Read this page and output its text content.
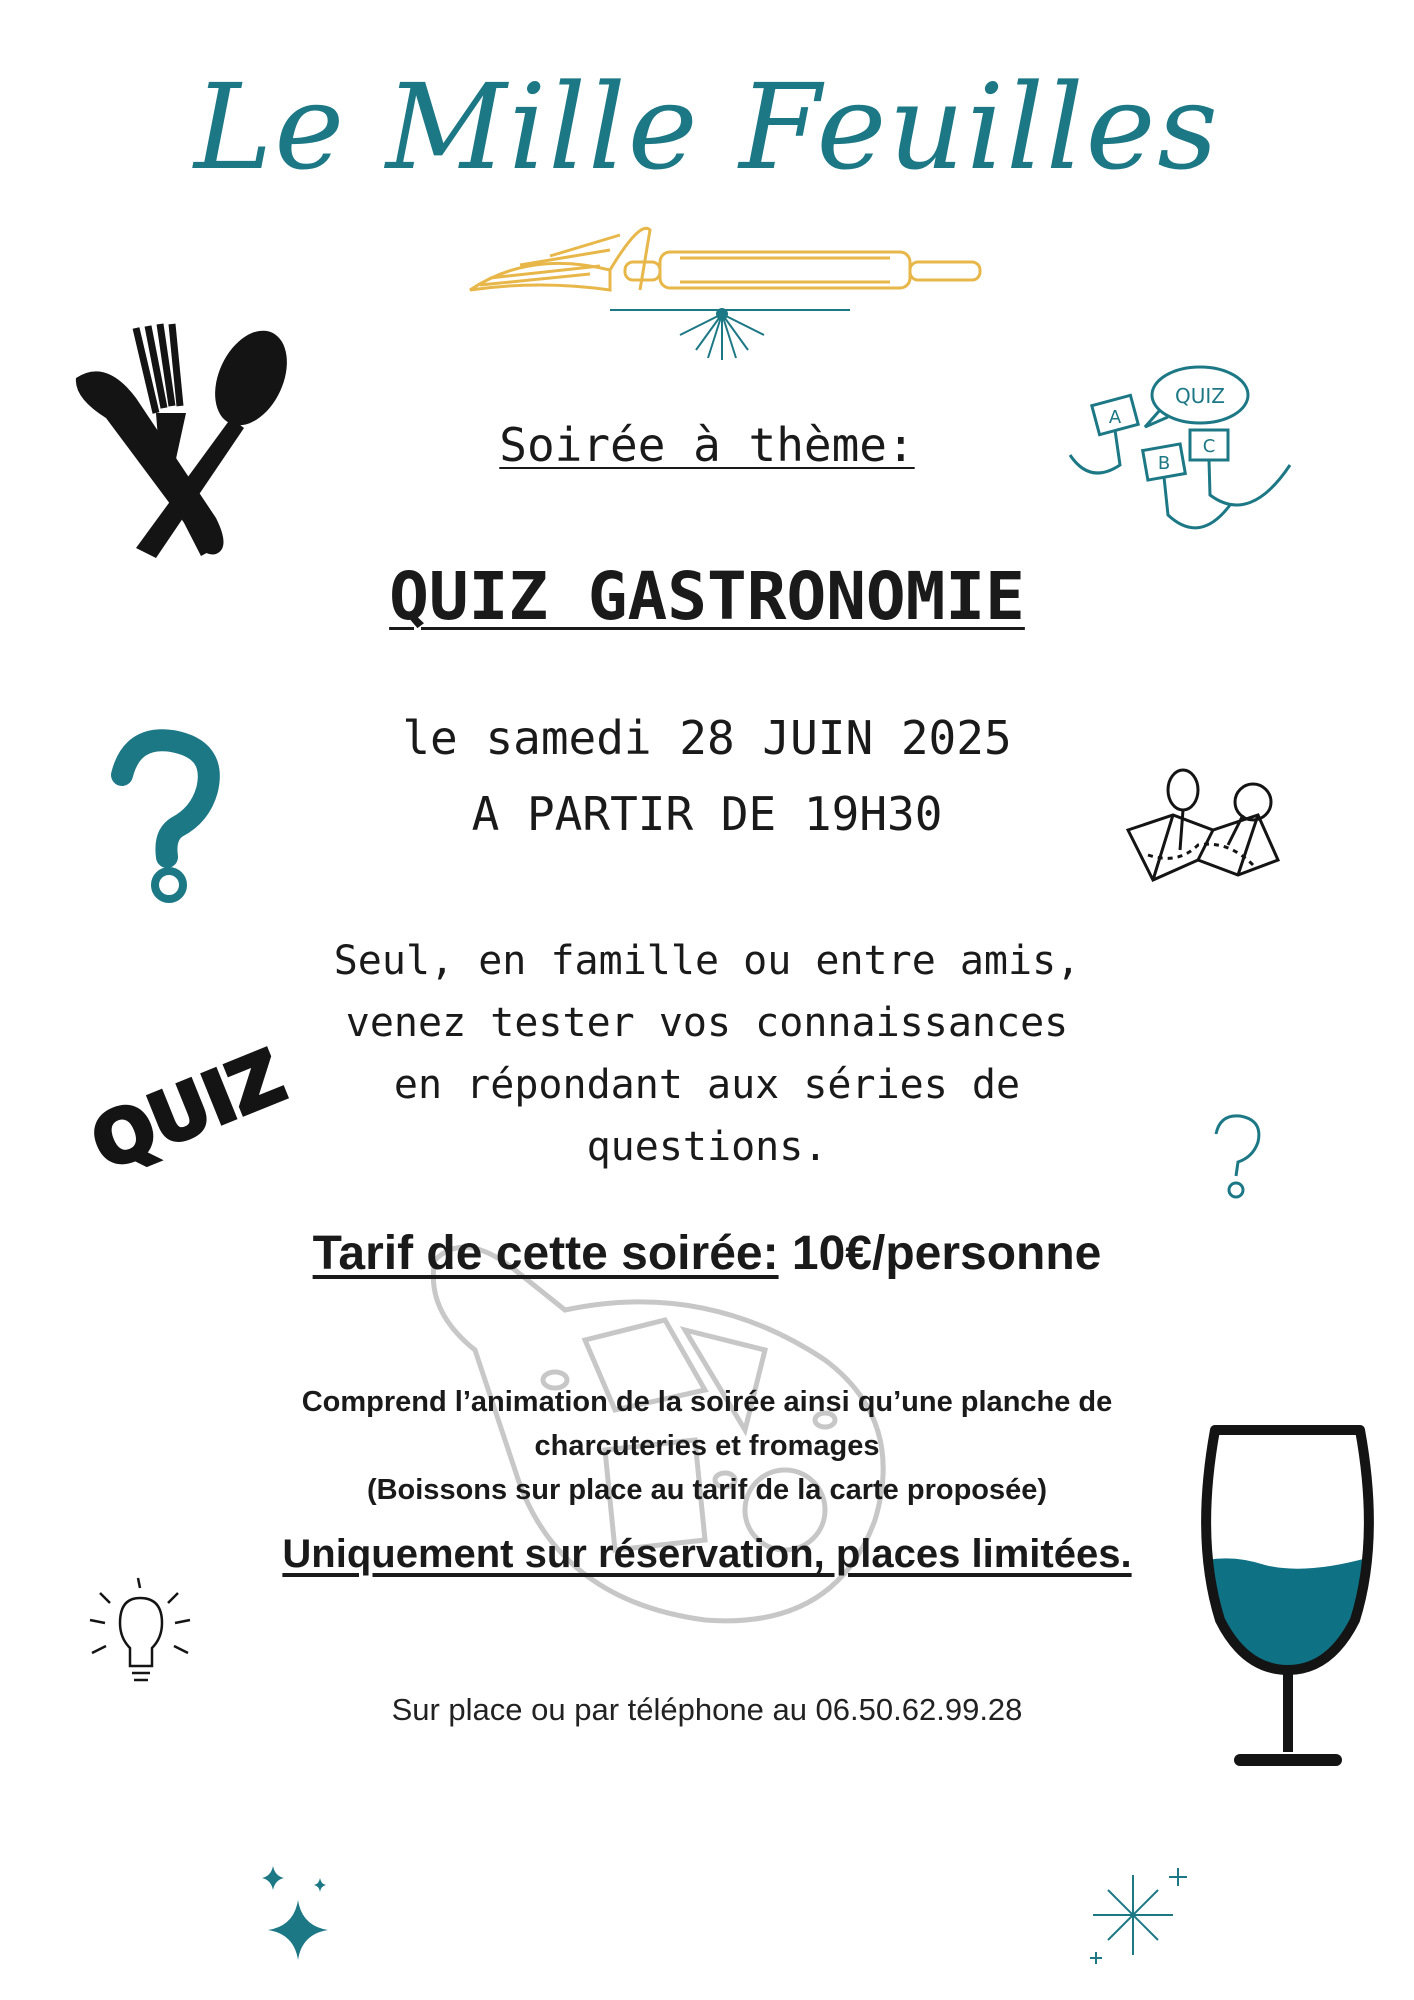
Le Mille Feuilles
QUIZ
A
B
C
Soirée à thème:
QUIZ GASTRONOMIE

le samedi 28 JUIN 2025

A PARTIR DE 19H30

Seul, en famille ou entre amis,

venez tester vos connaissances

en répondant aux séries de

questions.

QUIZ
Tarif de cette soirée: 10€/personne

Comprend l’animation de la soirée ainsi qu’une planche de

charcuteries et fromages

(Boissons sur place au tarif de la carte proposée)

Uniquement sur réservation, places limitées.
Sur place ou par téléphone au 06.50.62.99.28
